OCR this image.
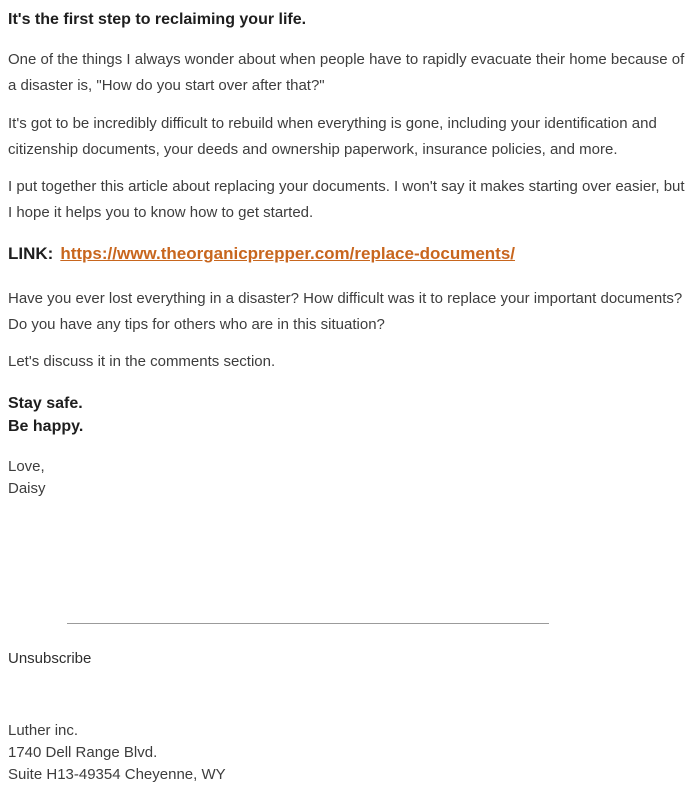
It's the first step to reclaiming your life.

One of the things I always wonder about when people have to rapidly evacuate their home because of a disaster is, "How do you start over after that?"

It's got to be incredibly difficult to rebuild when everything is gone, including your identification and citizenship documents, your deeds and ownership paperwork, insurance policies, and more.

I put together this article about replacing your documents. I won't say it makes starting over easier, but I hope it helps you to know how to get started.

LINK: https://www.theorganicprepper.com/replace-documents/

Have you ever lost everything in a disaster? How difficult was it to replace your important documents? Do you have any tips for others who are in this situation?

Let's discuss it in the comments section.

Stay safe.
Be happy.
Love,
Daisy
Unsubscribe
Luther inc.
1740 Dell Range Blvd.
Suite H13-49354 Cheyenne, WY
